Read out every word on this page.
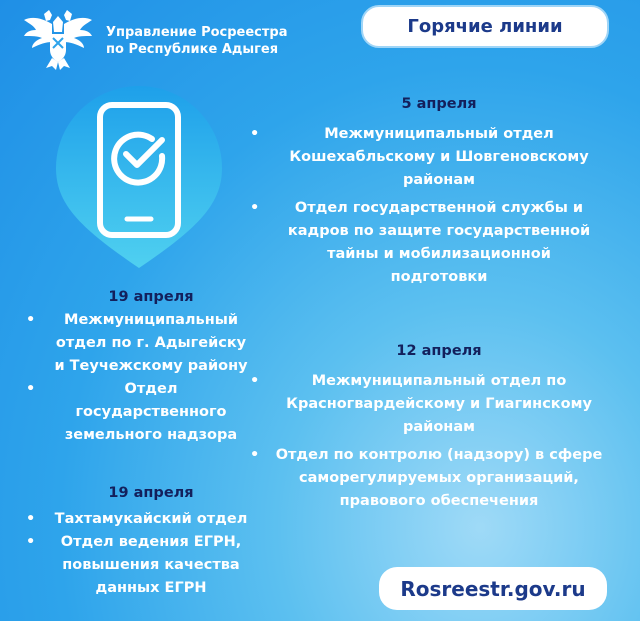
Управление Росреестра
по Республике Адыгея
Горячие линии
5 апреля
• Межмуниципальный отдел
Кошехабльскому и Шовгеновскому
районам
• Отдел государственной службы и
кадров по защите государственной
тайны и мобилизационной
подготовки
12 апреля
• Межмуниципальный отдел по
Красногвардейскому и Гиагинскому
районам
• Отдел по контролю (надзору) в сфере
саморегулируемых организаций,
правового обеспечения
19 апреля
• Межмуниципальный
отдел по г. Адыгейску
и Теучежскому району
• Отдел
государственного
земельного надзора
19 апреля
• Тахтамукайский отдел
• Отдел ведения ЕГРН,
повышения качества
данных ЕГРН	Rosreestr.gov.ru
